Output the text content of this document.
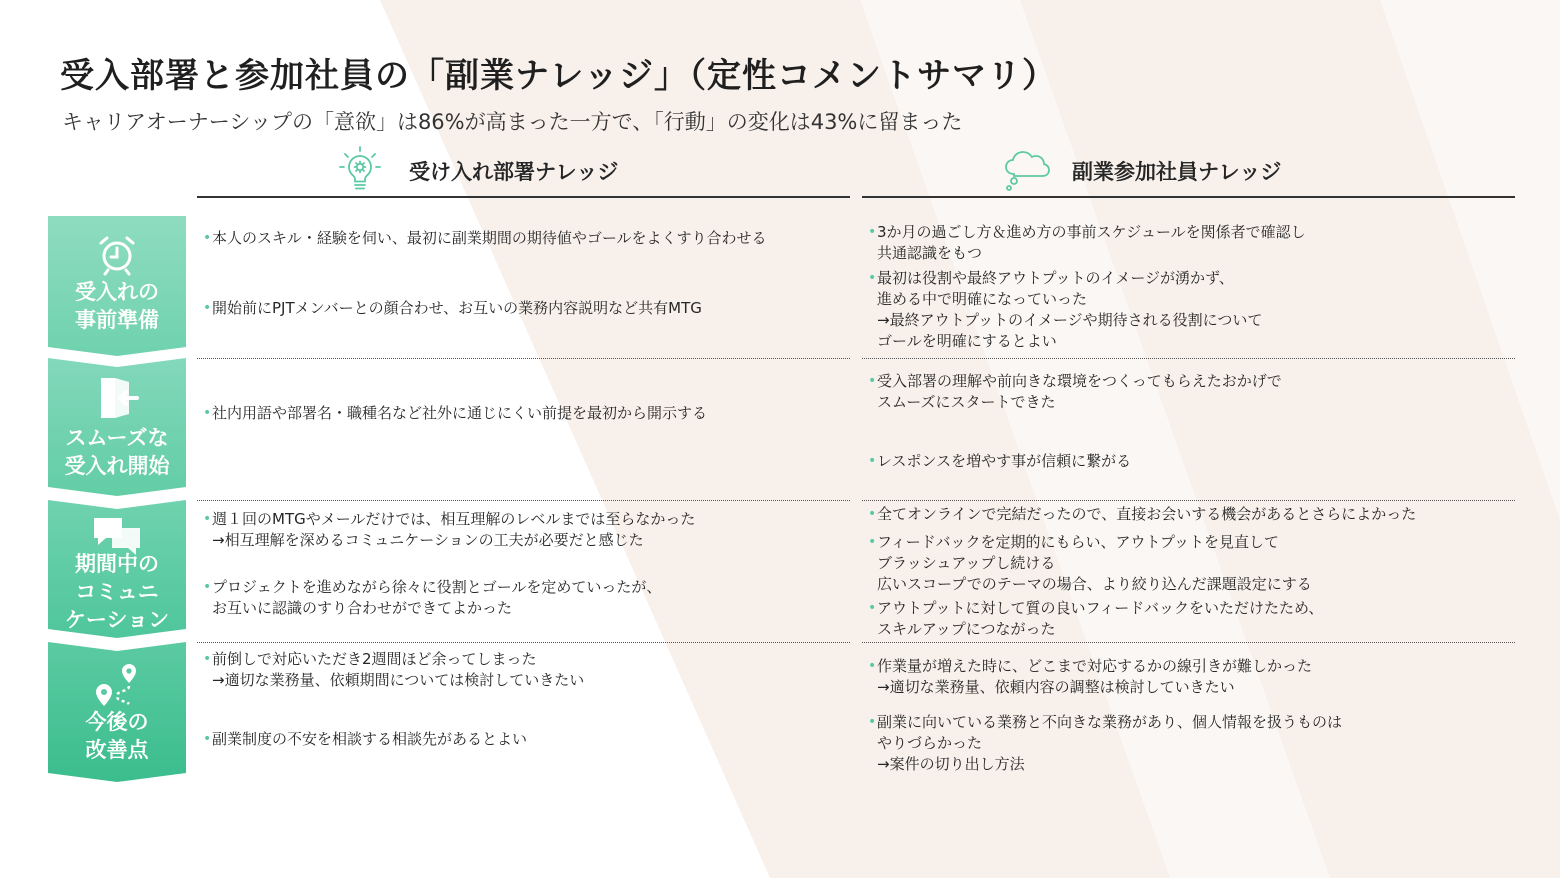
受入部署と参加社員の「副業ナレッジ」（定性コメントサマリ）
キャリアオーナーシップの「意欲」は86%が高まった一方で、「行動」の変化は43%に留まった
受け入れ部署ナレッジ	副業参加社員ナレッジ
受入れの
事前準備
スムーズな
受入れ開始
期間中の
コミュニ
ケーション
今後の
改善点
• 本人のスキル・経験を伺い、最初に副業期間の期待値やゴールをよくすり合わせる
• 開始前にPJTメンバーとの顔合わせ、お互いの業務内容説明など共有MTG
• 3か月の過ごし方＆進め方の事前スケジュールを関係者で確認し
共通認識をもつ
• 最初は役割や最終アウトプットのイメージが湧かず、
進める中で明確になっていった
→最終アウトプットのイメージや期待される役割について
ゴールを明確にするとよい
• 社内用語や部署名・職種名など社外に通じにくい前提を最初から開示する
• 受入部署の理解や前向きな環境をつくってもらえたおかげで
スムーズにスタートできた
• レスポンスを増やす事が信頼に繋がる
• 週１回のMTGやメールだけでは、相互理解のレベルまでは至らなかった
→相互理解を深めるコミュニケーションの工夫が必要だと感じた
• プロジェクトを進めながら徐々に役割とゴールを定めていったが、
お互いに認識のすり合わせができてよかった
• 全てオンラインで完結だったので、直接お会いする機会があるとさらによかった
• フィードバックを定期的にもらい、アウトプットを見直して
ブラッシュアップし続ける
広いスコープでのテーマの場合、より絞り込んだ課題設定にする
• アウトプットに対して質の良いフィードバックをいただけたため、
スキルアップにつながった
• 前倒しで対応いただき2週間ほど余ってしまった
→適切な業務量、依頼期間については検討していきたい
• 副業制度の不安を相談する相談先があるとよい
• 作業量が増えた時に、どこまで対応するかの線引きが難しかった
→適切な業務量、依頼内容の調整は検討していきたい
• 副業に向いている業務と不向きな業務があり、個人情報を扱うものは
やりづらかった
→案件の切り出し方法
